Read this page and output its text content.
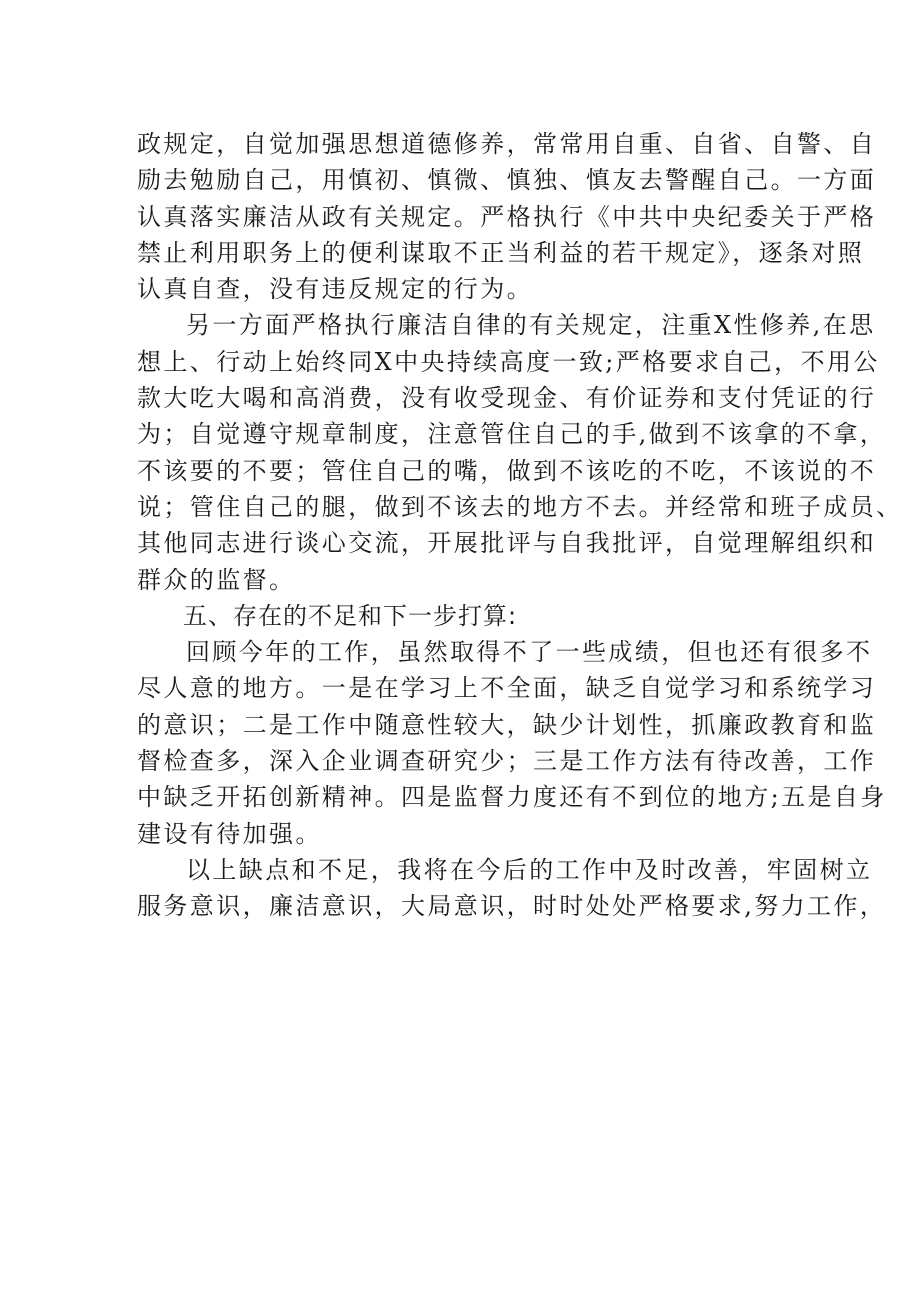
政规定，自觉加强思想道德修养，常常用自重、自省、自警、自
励去勉励自己，用慎初、慎微、慎独、慎友去警醒自己。一方面
认真落实廉洁从政有关规定。严格执行《中共中央纪委关于严格
禁止利用职务上的便利谋取不正当利益的若干规定》，逐条对照
认真自查，没有违反规定的行为。
另一方面严格执行廉洁自律的有关规定，注重X性修养,在思
想上、行动上始终同X中央持续高度一致;严格要求自己，不用公
款大吃大喝和高消费，没有收受现金、有价证券和支付凭证的行
为；自觉遵守规章制度，注意管住自己的手,做到不该拿的不拿，
不该要的不要；管住自己的嘴，做到不该吃的不吃，不该说的不
说；管住自己的腿，做到不该去的地方不去。并经常和班子成员、
其他同志进行谈心交流，开展批评与自我批评，自觉理解组织和
群众的监督。
五、存在的不足和下一步打算:
回顾今年的工作，虽然取得不了一些成绩，但也还有很多不
尽人意的地方。一是在学习上不全面，缺乏自觉学习和系统学习
的意识；二是工作中随意性较大，缺少计划性，抓廉政教育和监
督检查多，深入企业调查研究少；三是工作方法有待改善，工作
中缺乏开拓创新精神。四是监督力度还有不到位的地方;五是自身
建设有待加强。
以上缺点和不足，我将在今后的工作中及时改善，牢固树立
服务意识，廉洁意识，大局意识，时时处处严格要求,努力工作，
